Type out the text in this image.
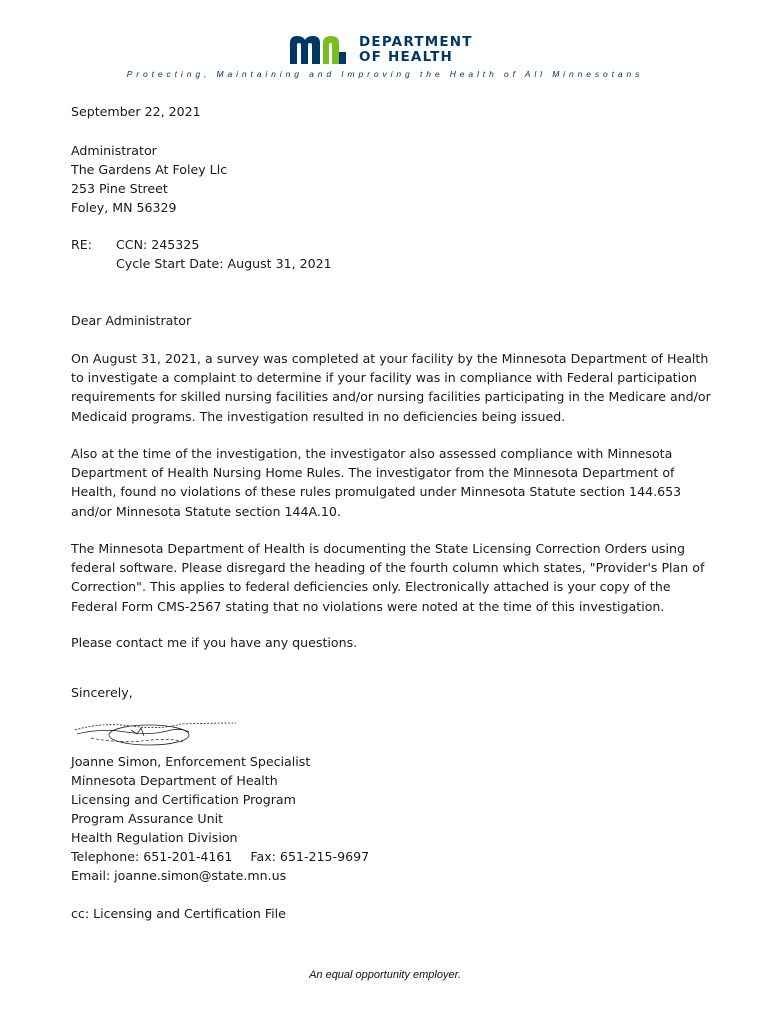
DEPARTMENT
OF HEALTH
Protecting, Maintaining and Improving the Health of All Minnesotans
September 22, 2021
Administrator
The Gardens At Foley Llc
253 Pine Street
Foley, MN 56329
RE: CCN: 245325
Cycle Start Date: August 31, 2021
Dear Administrator

On August 31, 2021, a survey was completed at your facility by the Minnesota Department of Health to investigate a complaint to determine if your facility was in compliance with Federal participation requirements for skilled nursing facilities and/or nursing facilities participating in the Medicare and/or Medicaid programs. The investigation resulted in no deficiencies being issued.

Also at the time of the investigation, the investigator also assessed compliance with Minnesota Department of Health Nursing Home Rules. The investigator from the Minnesota Department of Health, found no violations of these rules promulgated under Minnesota Statute section 144.653 and/or Minnesota Statute section 144A.10.

The Minnesota Department of Health is documenting the State Licensing Correction Orders using federal software. Please disregard the heading of the fourth column which states, "Provider's Plan of Correction". This applies to federal deficiencies only. Electronically attached is your copy of the Federal Form CMS-2567 stating that no violations were noted at the time of this investigation.

Please contact me if you have any questions.

Sincerely,
Joanne Simon, Enforcement Specialist
Minnesota Department of Health
Licensing and Certification Program
Program Assurance Unit
Health Regulation Division
Telephone: 651-201-4161 Fax: 651-215-9697
Email: joanne.simon@state.mn.us
cc: Licensing and Certification File
An equal opportunity employer.
